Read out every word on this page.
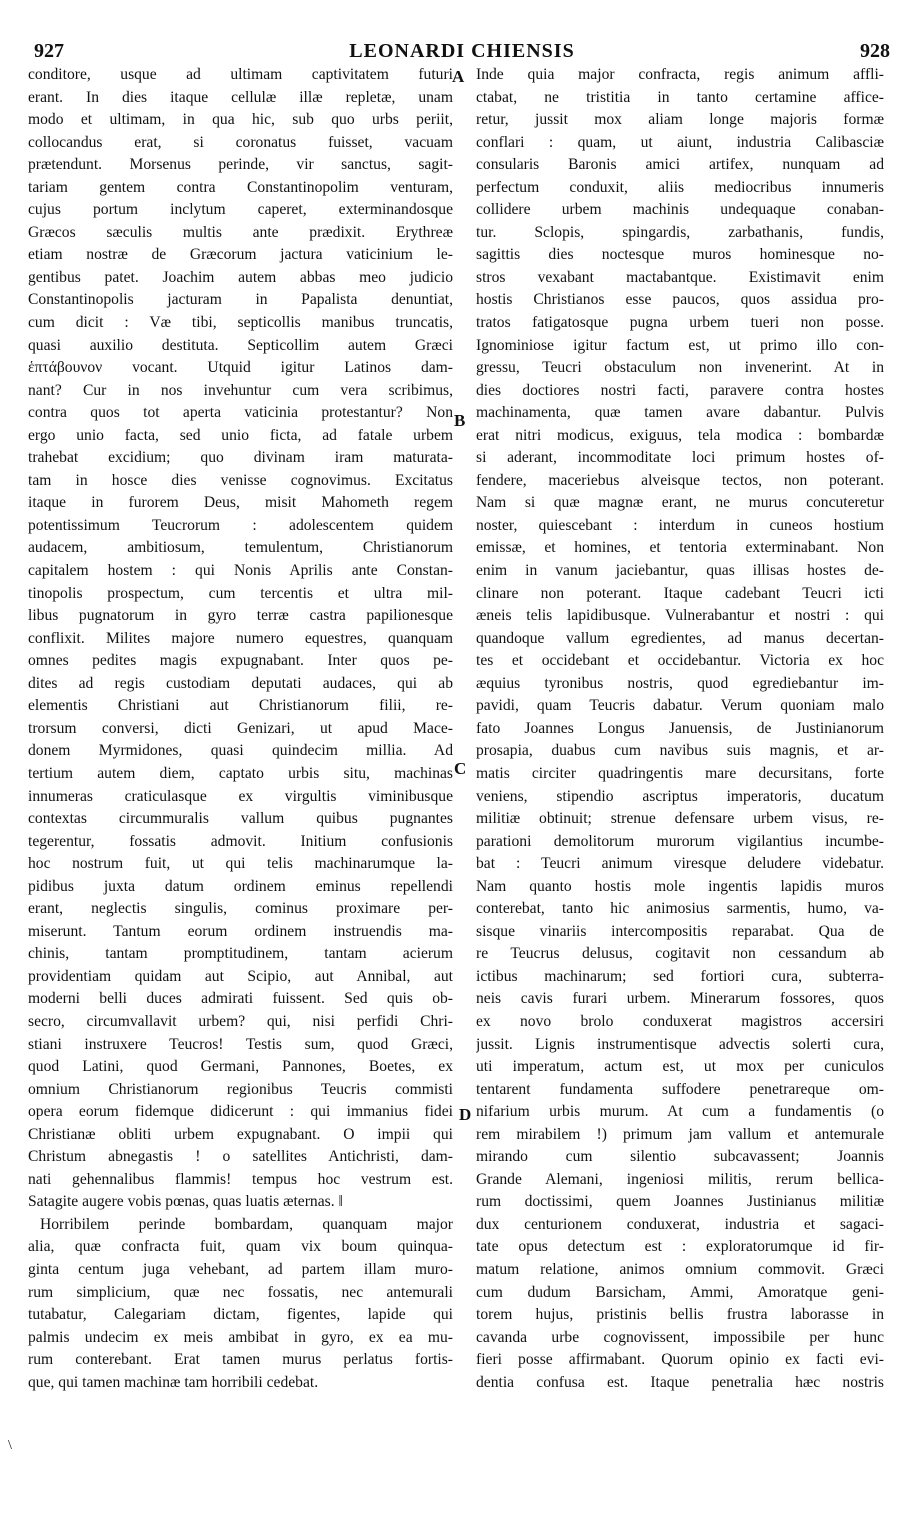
927	LEONARDI CHIENSIS	928
conditore, usque ad ultimam captivitatem futuri
erant. In dies itaque cellulæ illæ repletæ, unam
modo et ultimam, in qua hic, sub quo urbs periit,
collocandus erat, si coronatus fuisset, vacuam
prætendunt. Morsenus perinde, vir sanctus, sagit-
tariam gentem contra Constantinopolim venturam,
cujus portum inclytum caperet, exterminandosque
Græcos sæculis multis ante prædixit. Erythreæ
etiam nostræ de Græcorum jactura vaticinium le-
gentibus patet. Joachim autem abbas meo judicio
Constantinopolis jacturam in Papalista denuntiat,
cum dicit : Væ tibi, septicollis manibus truncatis,
quasi auxilio destituta. Septicollim autem Græci
ἑπτάβουνον vocant. Utquid igitur Latinos dam-
nant? Cur in nos invehuntur cum vera scribimus,
contra quos tot aperta vaticinia protestantur? Non
ergo unio facta, sed unio ficta, ad fatale urbem
trahebat excidium; quo divinam iram maturata-
tam in hosce dies venisse cognovimus. Excitatus
itaque in furorem Deus, misit Mahometh regem
potentissimum Teucrorum : adolescentem quidem
audacem, ambitiosum, temulentum, Christianorum
capitalem hostem : qui Nonis Aprilis ante Constan-
tinopolis prospectum, cum tercentis et ultra mil-
libus pugnatorum in gyro terræ castra papilionesque
conflixit. Milites majore numero equestres, quanquam
omnes pedites magis expugnabant. Inter quos pe-
dites ad regis custodiam deputati audaces, qui ab
elementis Christiani aut Christianorum filii, re-
trorsum conversi, dicti Genizari, ut apud Mace-
donem Myrmidones, quasi quindecim millia. Ad
tertium autem diem, captato urbis situ, machinas
innumeras craticulasque ex virgultis viminibusque
contextas circummuralis vallum quibus pugnantes
tegerentur, fossatis admovit. Initium confusionis
hoc nostrum fuit, ut qui telis machinarumque la-
pidibus juxta datum ordinem eminus repellendi
erant, neglectis singulis, cominus proximare per-
miserunt. Tantum eorum ordinem instruendis ma-
chinis, tantam promptitudinem, tantam acierum
providentiam quidam aut Scipio, aut Annibal, aut
moderni belli duces admirati fuissent. Sed quis ob-
secro, circumvallavit urbem? qui, nisi perfidi Chri-
stiani instruxere Teucros! Testis sum, quod Græci,
quod Latini, quod Germani, Pannones, Boetes, ex
omnium Christianorum regionibus Teucris commisti
opera eorum fidemque didicerunt : qui immanius fidei
Christianæ obliti urbem expugnabant. O impii qui
Christum abnegastis ! o satellites Antichristi, dam-
nati gehennalibus flammis! tempus hoc vestrum est.
Satagite augere vobis pœnas, quas luatis æternas. ‖
Horribilem perinde bombardam, quanquam major
alia, quæ confracta fuit, quam vix boum quinqua-
ginta centum juga vehebant, ad partem illam muro-
rum simplicium, quæ nec fossatis, nec antemurali
tutabatur, Calegariam dictam, figentes, lapide qui
palmis undecim ex meis ambibat in gyro, ex ea mu-
rum conterebant. Erat tamen murus perlatus fortis-
que, qui tamen machinæ tam horribili cedebat.
Inde quia major confracta, regis animum affli-
ctabat, ne tristitia in tanto certamine affice-
retur, jussit mox aliam longe majoris formæ
conflari : quam, ut aiunt, industria Calibasciæ
consularis Baronis amici artifex, nunquam ad
perfectum conduxit, aliis mediocribus innumeris
collidere urbem machinis undequaque conaban-
tur. Sclopis, spingardis, zarbathanis, fundis,
sagittis dies noctesque muros hominesque no-
stros vexabant mactabantque. Existimavit enim
hostis Christianos esse paucos, quos assidua pro-
tratos fatigatosque pugna urbem tueri non posse.
Ignominiose igitur factum est, ut primo illo con-
gressu, Teucri obstaculum non invenerint. At in
dies doctiores nostri facti, paravere contra hostes
machinamenta, quæ tamen avare dabantur. Pulvis
erat nitri modicus, exiguus, tela modica : bombardæ
si aderant, incommoditate loci primum hostes of-
fendere, maceriebus alveisque tectos, non poterant.
Nam si quæ magnæ erant, ne murus concuteretur
noster, quiescebant : interdum in cuneos hostium
emissæ, et homines, et tentoria exterminabant. Non
enim in vanum jaciebantur, quas illisas hostes de-
clinare non poterant. Itaque cadebant Teucri icti
æneis telis lapidibusque. Vulnerabantur et nostri : qui
quandoque vallum egredientes, ad manus decertan-
tes et occidebant et occidebantur. Victoria ex hoc
æquius tyronibus nostris, quod egrediebantur im-
pavidi, quam Teucris dabatur. Verum quoniam malo
fato Joannes Longus Januensis, de Justinianorum
prosapia, duabus cum navibus suis magnis, et ar-
matis circiter quadringentis mare decursitans, forte
veniens, stipendio ascriptus imperatoris, ducatum
militiæ obtinuit; strenue defensare urbem visus, re-
parationi demolitorum murorum vigilantius incumbe-
bat : Teucri animum viresque deludere videbatur.
Nam quanto hostis mole ingentis lapidis muros
conterebat, tanto hic animosius sarmentis, humo, va-
sisque vinariis intercompositis reparabat. Qua de
re Teucrus delusus, cogitavit non cessandum ab
ictibus machinarum; sed fortiori cura, subterra-
neis cavis furari urbem. Minerarum fossores, quos
ex novo brolo conduxerat magistros accersiri
jussit. Lignis instrumentisque advectis solerti cura,
uti imperatum, actum est, ut mox per cuniculos
tentarent fundamenta suffodere penetrareque om-
nifarium urbis murum. At cum a fundamentis (o
rem mirabilem !) primum jam vallum et antemurale
mirando cum silentio subcavassent; Joannis
Grande Alemani, ingeniosi militis, rerum bellica-
rum doctissimi, quem Joannes Justinianus militiæ
dux centurionem conduxerat, industria et sagaci-
tate opus detectum est : exploratorumque id fir-
matum relatione, animos omnium commovit. Græci
cum dudum Barsicham, Ammi, Amoratque geni-
torem hujus, pristinis bellis frustra laborasse in
cavanda urbe cognovissent, impossibile per hunc
fieri posse affirmabant. Quorum opinio ex facti evi-
dentia confusa est. Itaque penetralia hæc nostris
A
B
C
D
\
